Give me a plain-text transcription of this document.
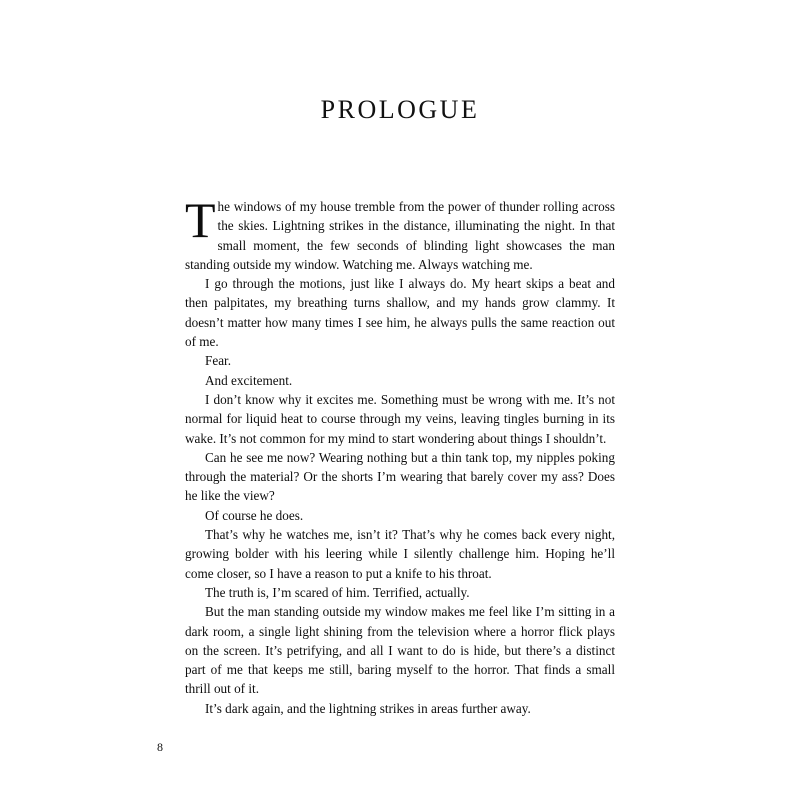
PROLOGUE

The windows of my house tremble from the power of thunder rolling across the skies. Lightning strikes in the distance, illuminating the night. In that small moment, the few seconds of blinding light showcases the man standing outside my window. Watching me. Always watching me.

I go through the motions, just like I always do. My heart skips a beat and then palpitates, my breathing turns shallow, and my hands grow clammy. It doesn’t matter how many times I see him, he always pulls the same reaction out of me.

Fear.

And excitement.

I don’t know why it excites me. Something must be wrong with me. It’s not normal for liquid heat to course through my veins, leaving tingles burning in its wake. It’s not common for my mind to start wondering about things I shouldn’t.

Can he see me now? Wearing nothing but a thin tank top, my nipples poking through the material? Or the shorts I’m wearing that barely cover my ass? Does he like the view?

Of course he does.

That’s why he watches me, isn’t it? That’s why he comes back every night, growing bolder with his leering while I silently challenge him. Hoping he’ll come closer, so I have a reason to put a knife to his throat.

The truth is, I’m scared of him. Terrified, actually.

But the man standing outside my window makes me feel like I’m sitting in a dark room, a single light shining from the television where a horror flick plays on the screen. It’s petrifying, and all I want to do is hide, but there’s a distinct part of me that keeps me still, baring myself to the horror. That finds a small thrill out of it.

It’s dark again, and the lightning strikes in areas further away.

8
